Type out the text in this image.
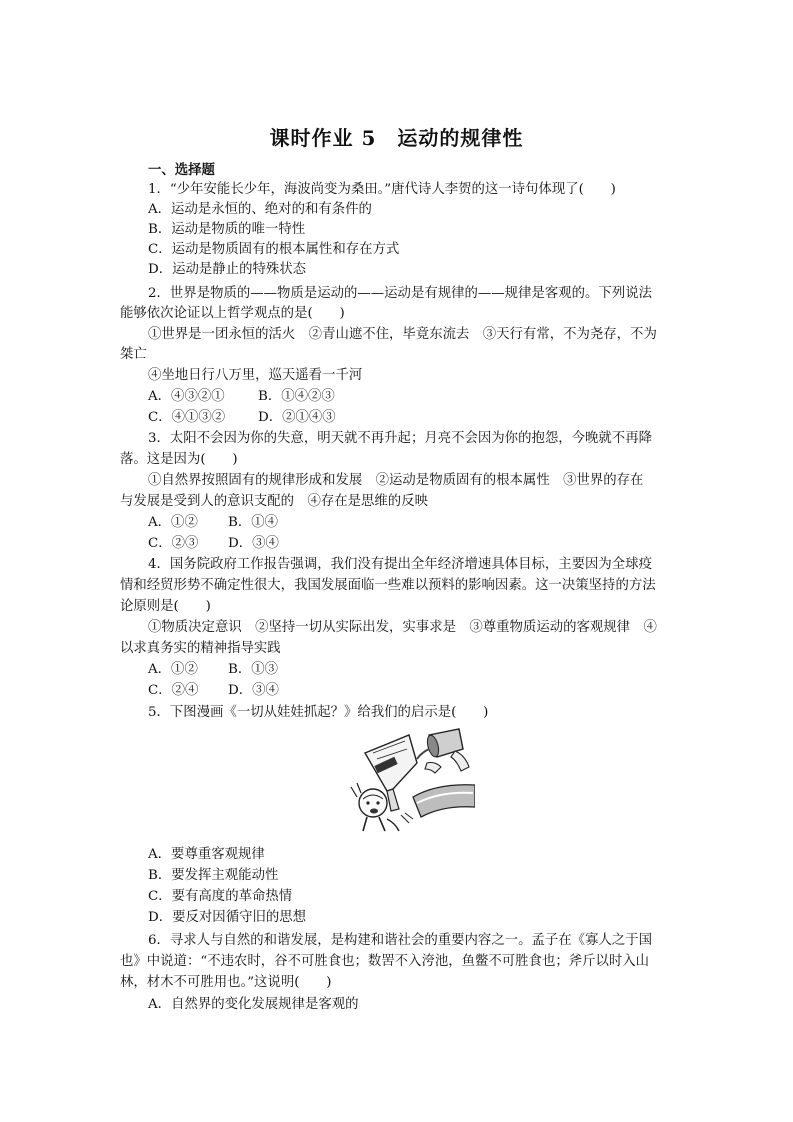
课时作业 5　运动的规律性
一、选择题
1．“少年安能长少年，海波尚变为桑田。”唐代诗人李贺的这一诗句体现了(　　)
A．运动是永恒的、绝对的和有条件的
B．运动是物质的唯一特性
C．运动是物质固有的根本属性和存在方式
D．运动是静止的特殊状态
2．世界是物质的——物质是运动的——运动是有规律的——规律是客观的。下列说法
能够依次论证以上哲学观点的是(　　)
①世界是一团永恒的活火　②青山遮不住，毕竟东流去　③天行有常，不为尧存，不为
桀亡
④坐地日行八万里，巡天遥看一千河
A．④③②① B．①④②③
C．④①③② D．②①④③
3．太阳不会因为你的失意，明天就不再升起；月亮不会因为你的抱怨，今晚就不再降
落。这是因为(　　)
①自然界按照固有的规律形成和发展　②运动是物质固有的根本属性　③世界的存在
与发展是受到人的意识支配的　④存在是思维的反映
A．①② B．①④
C．②③ D．③④
4．国务院政府工作报告强调，我们没有提出全年经济增速具体目标，主要因为全球疫
情和经贸形势不确定性很大，我国发展面临一些难以预料的影响因素。这一决策坚持的方法
论原则是(　　)
①物质决定意识　②坚持一切从实际出发，实事求是　③尊重物质运动的客观规律　④
以求真务实的精神指导实践
A．①② B．①③
C．②④ D．③④
5．下图漫画《一切从娃娃抓起？》给我们的启示是(　　)
A．要尊重客观规律
B．要发挥主观能动性
C．要有高度的革命热情
D．要反对因循守旧的思想
6．寻求人与自然的和谐发展，是构建和谐社会的重要内容之一。孟子在《寡人之于国
也》中说道：“不违农时，谷不可胜食也；数罟不入洿池，鱼鳖不可胜食也；斧斤以时入山
林，材木不可胜用也。”这说明(　　)
A．自然界的变化发展规律是客观的
